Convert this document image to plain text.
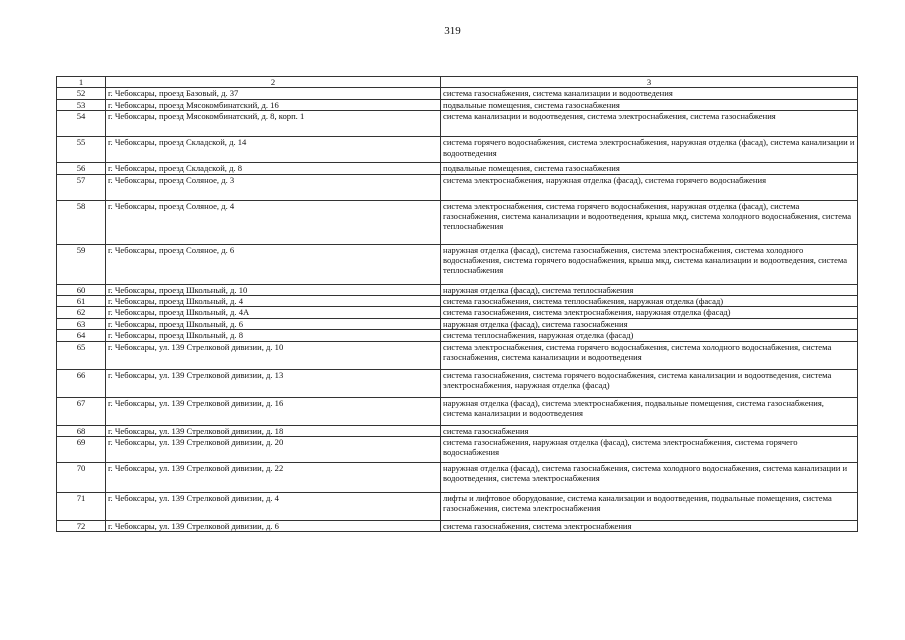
319
1	2	3
52	г. Чебоксары, проезд Базовый, д. 37	система газоснабжения, система канализации и водоотведения
53	г. Чебоксары, проезд Мясокомбинатский, д. 16	подвальные помещения, система газоснабжения
54	г. Чебоксары, проезд Мясокомбинатский, д. 8, корп. 1	система канализации и водоотведения, система электроснабжения, система газоснабжения
55	г. Чебоксары, проезд Складской, д. 14	система горячего водоснабжения, система электроснабжения, наружная отделка (фасад), система канализации и водоотведения
56	г. Чебоксары, проезд Складской, д. 8	подвальные помещения, система газоснабжения
57	г. Чебоксары, проезд Соляное, д. 3	система электроснабжения, наружная отделка (фасад), система горячего водоснабжения
58	г. Чебоксары, проезд Соляное, д. 4	система электроснабжения, система горячего водоснабжения, наружная отделка (фасад), система газоснабжения, система канализации и водоотведения, крыша мкд, система холодного водоснабжения, система теплоснабжения
59	г. Чебоксары, проезд Соляное, д. 6	наружная отделка (фасад), система газоснабжения, система электроснабжения, система холодного водоснабжения, система горячего водоснабжения, крыша мкд, система канализации и водоотведения, система теплоснабжения
60	г. Чебоксары, проезд Школьный, д. 10	наружная отделка (фасад), система теплоснабжения
61	г. Чебоксары, проезд Школьный, д. 4	система газоснабжения, система теплоснабжения, наружная отделка (фасад)
62	г. Чебоксары, проезд Школьный, д. 4А	система газоснабжения, система электроснабжения, наружная отделка (фасад)
63	г. Чебоксары, проезд Школьный, д. 6	наружная отделка (фасад), система газоснабжения
64	г. Чебоксары, проезд Школьный, д. 8	система теплоснабжения, наружная отделка (фасад)
65	г. Чебоксары, ул. 139 Стрелковой дивизии, д. 10	система электроснабжения, система горячего водоснабжения, система холодного водоснабжения, система газоснабжения, система канализации и водоотведения
66	г. Чебоксары, ул. 139 Стрелковой дивизии, д. 13	система газоснабжения, система горячего водоснабжения, система канализации и водоотведения, система электроснабжения, наружная отделка (фасад)
67	г. Чебоксары, ул. 139 Стрелковой дивизии, д. 16	наружная отделка (фасад), система электроснабжения, подвальные помещения, система газоснабжения, система канализации и водоотведения
68	г. Чебоксары, ул. 139 Стрелковой дивизии, д. 18	система газоснабжения
69	г. Чебоксары, ул. 139 Стрелковой дивизии, д. 20	система газоснабжения, наружная отделка (фасад), система электроснабжения, система горячего водоснабжения
70	г. Чебоксары, ул. 139 Стрелковой дивизии, д. 22	наружная отделка (фасад), система газоснабжения, система холодного водоснабжения, система канализации и водоотведения, система электроснабжения
71	г. Чебоксары, ул. 139 Стрелковой дивизии, д. 4	лифты и лифтовое оборудование, система канализации и водоотведения, подвальные помещения, система газоснабжения, система электроснабжения
72	г. Чебоксары, ул. 139 Стрелковой дивизии, д. 6	система газоснабжения, система электроснабжения
